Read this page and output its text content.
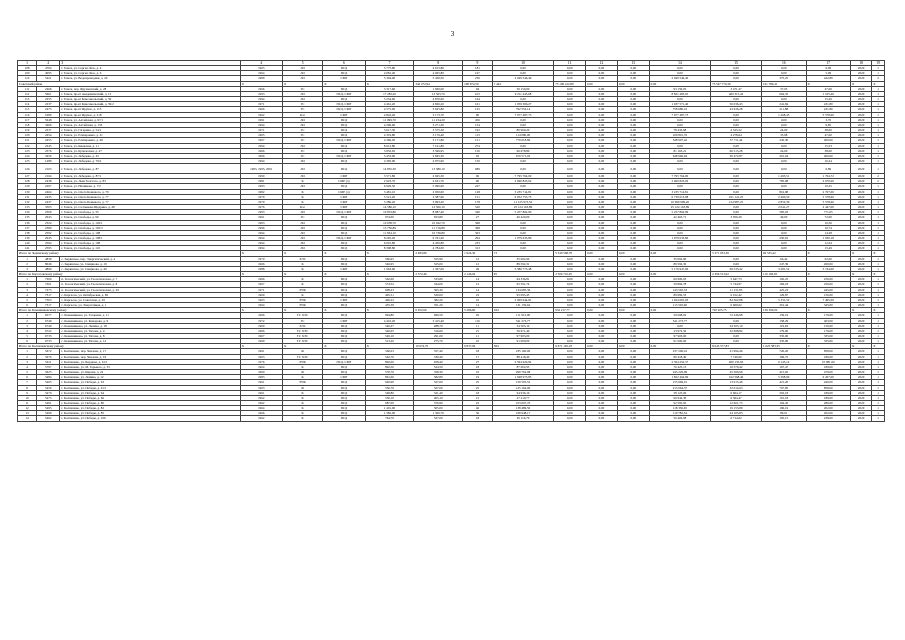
3
1	2	3	4	5	6	7	8	9	10	11	12	13	14	15	16	17	18	19
108	4704	г. Томск, ул. Сергея Лазо, д. 4	1965	ЛО	ПСД	5 775,80	4 615,80	181	0,00	0,00	0,00	0,00	0,00	0,00	0,00	6,09	2020	1
109	4095	г. Томск, ул. Сергея Лазо, д. 6	1964	ЛО	ПСД	4 081,40	4 065,80	167	0,00	0,00	0,00	0,00	0,00	0,00	0,00	5,09	2020	1
110	5421	г. Томск, ул. Водопроводная, д. 20	1989	ЛО	СМР	5 394,00	5 436,50	236	2 049 546,40	0,00	0,00	0,00	2 049 546,40	0,00	375,25	442,89	2020	2
Советский район			X	X	X	X	342 272,94	198 974,59	7 442	75 109 412,80	0,00	0,00	0,00	75 547 770,39	161 786,41	X	X	X
111	2466	г. Томск, пер. Фрунзенский, д. 28	1966	ГС	ПСД	3 317,60	1 960,00	94	56 150,00	0,00	0,00	0,00	93 159,05	3 471,27	37,05	47,00	2020	1
112	5661	г. Томск, пр-кт Академический, д. 15	1993	ЛО	ПСД, СМР	17 283,20	13 563,70	615	9 211 445,68	0,00	0,00	0,00	8 821 483,05	400 315,42	664,35	1 105,46	2020	1
113	2255	г. Томск, пр-кт Комсомольский, д. 59	1994	ЛО	ПСД	5 234,60	4 876,00	164	0,00	0,00	0,00	0,00	0,00	0,00	0,00	15,26	2020	1
114	2237	г. Томск, пр-кт Комсомольский, д. 59/2	1971	ГС	ПСД, СМР	4 461,20	4 826,20	161	1 059 306,27	0,00	0,00	0,00	1 037 571,40	56 036,43	241,84	431,80	2020	1
115	2475	г. Томск, пр-кт Фрунзе, д. 115	1966	ГС	ПСД, СМР	4 575,00	3 625,80	125	792 552,14	0,00	0,00	0,00	758 680,16	43 636,28	211,88	431,80	2020	1
116	1980	г. Томск, пр-кт Фрунзе, д. 218	1962	Кчс	СМР	4 842,40	3 173,70	90	7 977 487,73	0,00	0,00	0,00	7 977 487,73	0,00	1 268,45	5 578,60	2020	1
117	5648	г. Томск, ул. Алтайская, д. 97/1	1991	ЛО	ПСД	11 099,70	11 234,20	456	0,00	0,00	0,00	0,00	0,00	0,00	0,00	3,70	2020	1
118	3406	г. Томск, ул. Алтайская, д. 133	1994	ЛО	ПСД	4 296,60	3 271,30	154	0,00	0,00	0,00	0,00	0,00	0,00	0,00	9,85	2020	1
119	2237	г. Томск, ул. Гагарина, д. 54/1	1971	ГС	ПСД	3 617,30	3 575,30	192	80 969,20	0,00	0,00	0,00	78 433,68	2 525,52	24,00	38,00	2020	1
120	2454	г. Томск, ул. Елизаровых, д. 31	1965	ГС	ПСД	4 319,80	3 176,40	113	114 080,00	0,00	0,00	0,00	109 801,76	4 278,64	35,98	47,00	2020	1
121	2455	г. Томск, ул. Елизаровых, д. 49	1967	ГС	ПСД, СМР	4 366,20	3 171,80	151	770 618,86	0,00	0,00	0,00	548 907,42	37 711,44	245,30	400,00	2020	1
122	2245	г. Томск, ул. Киевская, д. 11	1994	ЛО	ПСД	8 612,80	7 161,80	274	0,00	0,00	0,00	0,00	0,00	0,00	0,00	15,53	2020	1
123	2376	г. Томск, ул. Купеческая, д. 27	1966	ГС	ПСД	3 832,65	3 596,95	156	96 678,80	0,00	0,00	0,00	81 163,21	66 515,28	24,00	38,00	2020	1
124	3456	г. Томск, ул. Лебедева, д. 45	1966	ГС	ПСД, СМР	3 453,96	2 845,30	92	679 571,03	0,00	0,00	0,00	648 966,94	30 472,87	261,04	400,00	2020	1
125	1289	г. Томск, ул. Лебедева, д. 76/2	1994	ЛО	ПСД	4 395,90	2 975,90	150	0,00	0,00	0,00	0,00	0,00	0,00	0,00	16,24	2020	1
126	2163	г. Томск, ул. Лебедева, д. 87	1993, 1995, 2001	ЛО	ПСД	14 855,30	13 389,10	689	0,00	0,00	0,00	0,00	0,00	0,00	0,00	6,89	2020	1
127	2164	г. Томск, ул. Лебедева, д. 87/1	1990	ЛО	СМР	3 571,80	2 945,30	96	7 795 764,00	0,00	0,00	0,00	7 795 764,00	0,00	1 493,51	1 764,72	2020	2
128	2438	г. Томск, ул. Льва Толстого, д. 83	1981	К	СМР (л)	2 923,70	2 631,70	90	2 060 823,02	0,00	0,00	0,00	2 060 823,02	0,00	785,08	2 670,00	2020	2
129	2297	г. Томск, ул. Нахимова, д. 7/2	1993	ЛО	ПСД	6 926,50	5 090,90	227	0,00	0,00	0,00	0,00	0,00	0,00	0,00	10,25	2020	1
130	2464	г. Томск, ул. Олега Кошевого, д. 79	1982	К	СМР (л)	3 481,10	2 950,00	128	3 235 714,81	0,00	0,00	0,00	3 235 714,81	0,00	816,98	2 707,00	2020	1
131	2435	г. Томск, ул. Олега Кошевого, д. 77	1979	К	СМР	5 521,20	3 587,90	151	6 952 755,73	0,00	0,00	0,00	6 730 613,98	221 141,25	2 490,50	5 578,60	2020	1
132	2437	г. Томск, ул. Олега Кошевого, д. 77	1979	К	СМР	5 286,20	3 993,20	178	11 125 973,54	0,00	0,00	0,00	10 999 999,20	124 987,25	2 852,39	5 578,60	2020	1
133	3505	г. Томск, ул. Салтыкова-Щедрина, д. 48	1976	Кчс	СМР	14 586,10	12 500,10	520	25 124 163,89	0,00	0,00	0,00	25 124 163,89	0,00	2 041,27	2 447,00	2020	1
134	2509	г. Томск, ул. Свободы, д. 33	1993	ЛО	ПСД, СМР	10 833,80	8 987,40	340	5 257 862,99	0,00	0,00	0,00	5 257 862,99	0,00	585,03	771,05	2020	1
135	2943	г. Томск, ул. Свободы, д. 90	1961	ГС	ПСД	974,00	653,80	27	46 420,00	0,00	0,00	0,00	42 463,71	3 956,29	49,00	72,00	2020	1
136	2324	г. Томск, ул. Свободы, д. 102/1	1993	ЛО	ПСД	10 038,70	10 022,70	368	0,00	0,00	0,00	0,00	0,00	0,00	0,00	16,36	2020	1
137	2389	г. Томск, ул. Свободы, д. 102/3	1996	ЛО	ПСД	13 756,89	11 716,89	398	0,00	0,00	0,00	0,00	0,00	0,00	0,00	10,74	2020	1
138	2592	г. Томск, ул. Свободы, д. 108	1994	ЛО	ПСД	11 834,10	10 739,80	363	0,00	0,00	0,00	0,00	0,00	0,00	0,00	14,28	2020	1
139	2945	г. Томск, ул. Свободы, д. 108/1	1994	ЛО	ПСД, СМР	8 265,20	6 761,20	294	1 079 633,86	0,00	0,00	0,00	1 079 633,86	0,00	250,81	1 020,18	2020	1
140	2594	г. Томск, ул. Свободы, д. 108	1994	ЛО	ПСД	6 001,80	4 456,80	233	0,00	0,00	0,00	0,00	0,00	0,00	0,00	12,24	2020	1
141	2595	г. Томск, ул. Свободы, д. 110	1994	ЛО	ПСД	8 308,80	4 784,00	313	0,00	0,00	0,00	0,00	0,00	0,00	0,00	15,49	2020	1
Итого по Зырянскому району			X	X	X	X	2 483,80	1 924,30	73	5 540 568,78	0,00	0,00	0,00	5 371 033,36	69 535,42	X	X	X
1	4839	с. Зырянское, пер. Энергетический, д. 4	1970	ХЭС	ПСД	566,95	525,90	12	35 062,90	0,00	0,00	0,00	35 062,90	0,00	66,42	62,00	2020	1
2	8046	с. Зырянское, ул. Смирнова, д. 19	1966	К	ПСД	546,95	525,00	12	89 592,31	0,00	0,00	0,00	89 592,30	0,00	247,39	260,00	2020	1
3	4890	с. Зырянское, ул. Смирнова, д. 40	1988	К	СМР	1 963,90	1 367,00	49	5 386 775,48	0,00	0,00	0,00	5 176 947,96	69 535,42	3 281,52	3 744,00	2020	1
Итого по Каргасокскому району			X	X	X	X	2 372,49	2 146,04	95	2 506 710,65	0,00	0,00	0,00	2 396 513,62	110 196,95	X	X	X
1	7260	п. Геологический, ул. Геологическая, д. 7	1966	К	ПСД	562,00	533,80	14	64 336,81	0,00	0,00	0,00	60 900,03	5 647,73	192,25	250,00	2020	1
2	7261	п. Геологический, ул. Геологическая, д. 8	1967	К	ПСД	574,52	344,00	12	65 591,74	0,00	0,00	0,00	59 866,78	5 744,97	184,18	250,00	2020	1
3	7275	п. Геологический, ул. Геологическая, д. 29	1971	РУФ	ПСД	608,23	365,30	14	134 685,36	0,00	0,00	0,00	143 565,53	11 131,83	425,23	445,00	2020	1
4	7317	с. Каргасок, ул. Октябрьская, д. 82	1969	К	ПСД	405,51	520,00	19	95 095,45	0,00	0,00	0,00	89 082,53	6 012,42	129,87	150,00	2020	1
5	7363	с. Каргасок, ул. Советская, д. 29	1963	РУФ	СМР	406,22	382,20	22	2 009 044,81	0,00	0,00	0,00	1 924 681,93	84 362,88	5 331,52	7 495,00	2020	1
6	7317	с. Каргасок, ул. Энергетиков, д. 1	1964	РУФ	ПСД	455,39	351,20	14	131 159,62	0,00	0,00	0,00	115 529,60	6 609,02	316,44	345,00	2020	1
Итого по Кожевниковскому району			X	X	X	X	6 652,60	5 286,80	184	932 217,77	0,00	0,00	0,00	792 925,75	139 300,02	X	X	X
1	6577	с. Кожевниково, ул. Гагарина, д. 11	1966	ТС ХЭС	ПСД	994,80	699,50	26	111 912,00	0,00	0,00	0,00	59 668,02	72 246,98	159,19	179,00	2020	1
2	6749	с. Кожевниково, ул. Комарова, д. 9	1972	ГС	СМР	4 410,20	3 415,40	116	541 273,77	0,00	0,00	0,00	541 273,77	0,00	158,29	403,00	2020	1
3	6740	с. Кожевниково, ул. Ленина, д. 18	1960	ХЭС	ПСД	546,27	288,70	11	34 565,10	0,00	0,00	0,00	0,00	34 565,10	119,92	150,00	2020	1
4	6722	с. Кожевниково, ул. Титова, д. 4	1966	ТС ХЭС	ПСД	546,05	316,60	21	56 671,40	0,00	0,00	0,00	23 972,56	32 698,84	179,00	179,00	2020	1
5	6733	с. Кожевниково, ул. Титова, д. 8	1967	ТС ХЭС	ПСД	549,10	291,00	11	97 903,00	0,00	0,00	0,00	97 903,00	0,00	335,00	335,00	2020	1
6	6733	с. Кожевниково, ул. Титова, д. 12	1969	ТС ХЭС	ПСД	513,20	275,70	10	91 000,00	0,00	0,00	0,00	91 000,00	0,00	335,00	335,00	2020	1
Итого по Колпашевскому району			X	X	X	X	10 674,70	9 837,06	384	9 671 165,18	0,00	0,00	0,00	8 645 577,83	1 025 583,35	X	X	X
1	5672	г. Колпашево, пер. Чкалова, д. 17	1961	Ф	ПСД	560,03	357,40	18	235 160,00	0,00	0,00	0,00	237 206,16	21 994,46	726,20	858,00	2020	1
2	5676	г. Колпашево, пер. Чкалова, д. 19	1963	ТС ХЭС	ПСД	562,70	339,40	17	88 418,40	0,00	0,00	0,00	80 418,40	7 749,00	169,72	186,00	2020	1
3	5611	г. Колпашево, ул. Бердюка, д. 61/1	1976	РУФ	ПСД, СМР	892,00	658,40	27	2 594 620,82	0,00	0,00	0,00	2 594 252,37	400 135,93	6 145,14	10 981,00	2020	1
4	5797	г. Колпашево, ул. М. Горького, д. 33	1964	К	ПСД	892,50	524,50	18	87 002,95	0,00	0,00	0,00	76 425,13	10 579,42	167,47	189,00	2020	1
5	5625	г. Колпашево, ул. Кирова, д. 22	1960	Ф	ПСД	570,70	358,30	23	290 762,98	0,00	0,00	0,00	245 226,99	45 566,99	415,92	479,00	2020	1
6	5484	г. Колпашево, ул. Ленина, д. 12	1983	К	СМР	861,00	582,80	19	1 948 973,85	0,00	0,00	0,00	1 822 464,99	162 568,46	5 398,99	6 207,00	2020	1
7	5465	г. Колпашево, ул. Победы, д. 63	1961	РУФ	ПСД	640,90	527,60	25	159 505,52	0,00	0,00	0,00	155 969,01	13 015,46	421,20	440,00	2020	1
8	5456	г. Колпашево, ул. Победы, д. 61/1	1963	Ф	ПСД	556,70	327,00	25	125 164,00	0,00	0,00	0,00	213 064,37	32 014,63	767,85	858,00	2020	1
9	5470	г. Колпашево, ул. Победы, д. 64	1961	К	ПСД	548,80	321,40	18	64 936,16	0,00	0,00	0,00	58 123,09	6 604,17	202,18	189,00	2020	1
10	5473	г. Колпашево, ул. Победы, д. 66	1962	К	ПСД	536,10	405,10	15	27 210,77	0,00	0,00	0,00	66 942,30	6 364,47	191,18	189,00	2020	1
11	5491	г. Колпашево, ул. Победы, д. 80	1962	К	ПСД	687,00	376,90	22	103 607,70	0,00	0,00	0,00	92 595,95	12 601,75	164,45	280,00	2020	1
12	5495	г. Колпашево, ул. Победы, д. 82	1964	К	ПСД	1 401,00	505,00	46	138 489,50	0,00	0,00	0,00	118 336,65	19 153,89	196,19	202,00	2020	1
13	5499	г. Колпашево, ул. Победы, д. 85	1966	К	ПСД	1 382,00	1 306,70	36	168 948,17	0,00	0,00	0,00	119 782,34	24 165,83	89,01	202,00	2020	1
14	5462	г. Колпашево, ул. Победы, д. 106	1962	К	ПСД	764,70	527,00	18	65 116,70	0,00	0,00	0,00	56 402,08	6 714,62	195,15	238,00	2020	1
